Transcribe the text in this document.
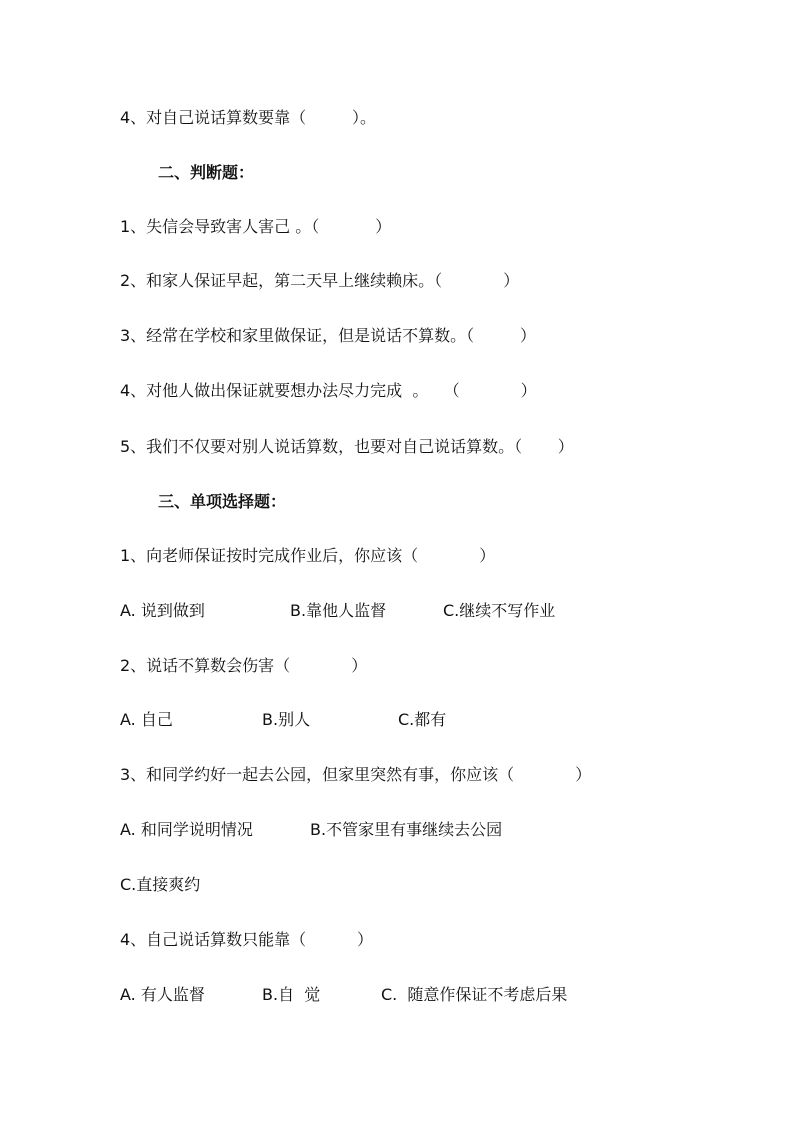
4、对自己说话算数要靠（         ）。
二、判断题：
1、失信会导致害人害己 。（           ）
2、和家人保证早起，第二天早上继续赖床。（            ）
3、经常在学校和家里做保证，但是说话不算数。（         ）
4、对他人做出保证就要想办法尽力完成  。   （            ）
5、我们不仅要对别人说话算数，也要对自己说话算数。（       ）
三、单项选择题：
1、向老师保证按时完成作业后，你应该（            ）
A. 说到做到	B.靠他人监督	C.继续不写作业
2、说话不算数会伤害（            ）
A. 自己	B.别人	C.都有
3、和同学约好一起去公园，但家里突然有事，你应该（            ）
A. 和同学说明情况	B.不管家里有事继续去公园
C.直接爽约
4、自己说话算数只能靠（          ）
A. 有人监督	B.自  觉	C.  随意作保证不考虑后果
